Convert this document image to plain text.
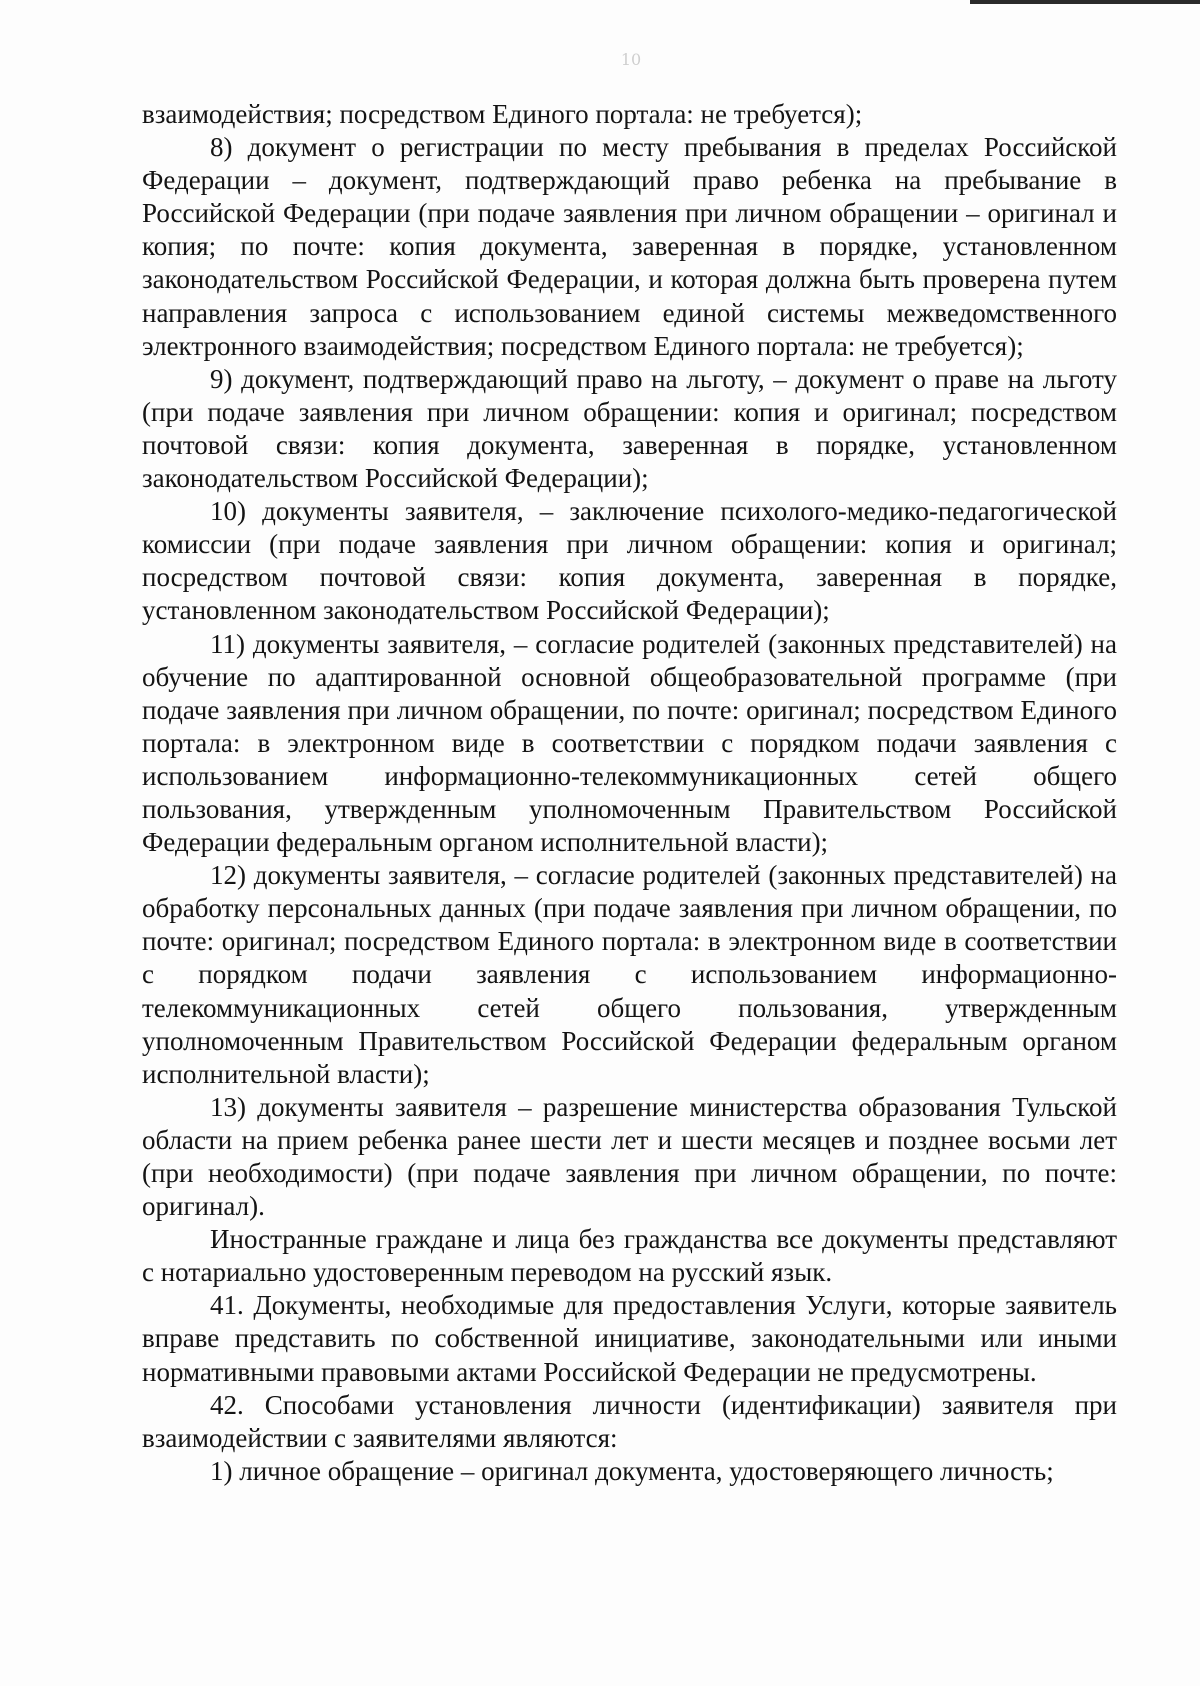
10

взаимодействия; посредством Единого портала: не требуется);

8) документ о регистрации по месту пребывания в пределах Российской Федерации – документ, подтверждающий право ребенка на пребывание в Российской Федерации (при подаче заявления при личном обращении – оригинал и копия; по почте: копия документа, заверенная в порядке, установленном законодательством Российской Федерации, и которая должна быть проверена путем направления запроса с использованием единой системы межведомственного электронного взаимодействия; посредством Единого портала: не требуется);

9) документ, подтверждающий право на льготу, – документ о праве на льготу (при подаче заявления при личном обращении: копия и оригинал; посредством почтовой связи: копия документа, заверенная в порядке, установленном законодательством Российской Федерации);

10) документы заявителя, – заключение психолого-медико-педагогической комиссии (при подаче заявления при личном обращении: копия и оригинал; посредством почтовой связи: копия документа, заверенная в порядке, установленном законодательством Российской Федерации);

11) документы заявителя, – согласие родителей (законных представителей) на обучение по адаптированной основной общеобразовательной программе (при подаче заявления при личном обращении, по почте: оригинал; посредством Единого портала: в электронном виде в соответствии с порядком подачи заявления с использованием информационно-телекоммуникационных сетей общего пользования, утвержденным уполномоченным Правительством Российской Федерации федеральным органом исполнительной власти);

12) документы заявителя, – согласие родителей (законных представителей) на обработку персональных данных (при подаче заявления при личном обращении, по почте: оригинал; посредством Единого портала: в электронном виде в соответствии с порядком подачи заявления с использованием информационно-телекоммуникационных сетей общего пользования, утвержденным уполномоченным Правительством Российской Федерации федеральным органом исполнительной власти);

13) документы заявителя – разрешение министерства образования Тульской области на прием ребенка ранее шести лет и шести месяцев и позднее восьми лет (при необходимости) (при подаче заявления при личном обращении, по почте: оригинал).

Иностранные граждане и лица без гражданства все документы представляют с нотариально удостоверенным переводом на русский язык.

41. Документы, необходимые для предоставления Услуги, которые заявитель вправе представить по собственной инициативе, законодательными или иными нормативными правовыми актами Российской Федерации не предусмотрены.

42. Способами установления личности (идентификации) заявителя при взаимодействии с заявителями являются:

1) личное обращение – оригинал документа, удостоверяющего личность;
